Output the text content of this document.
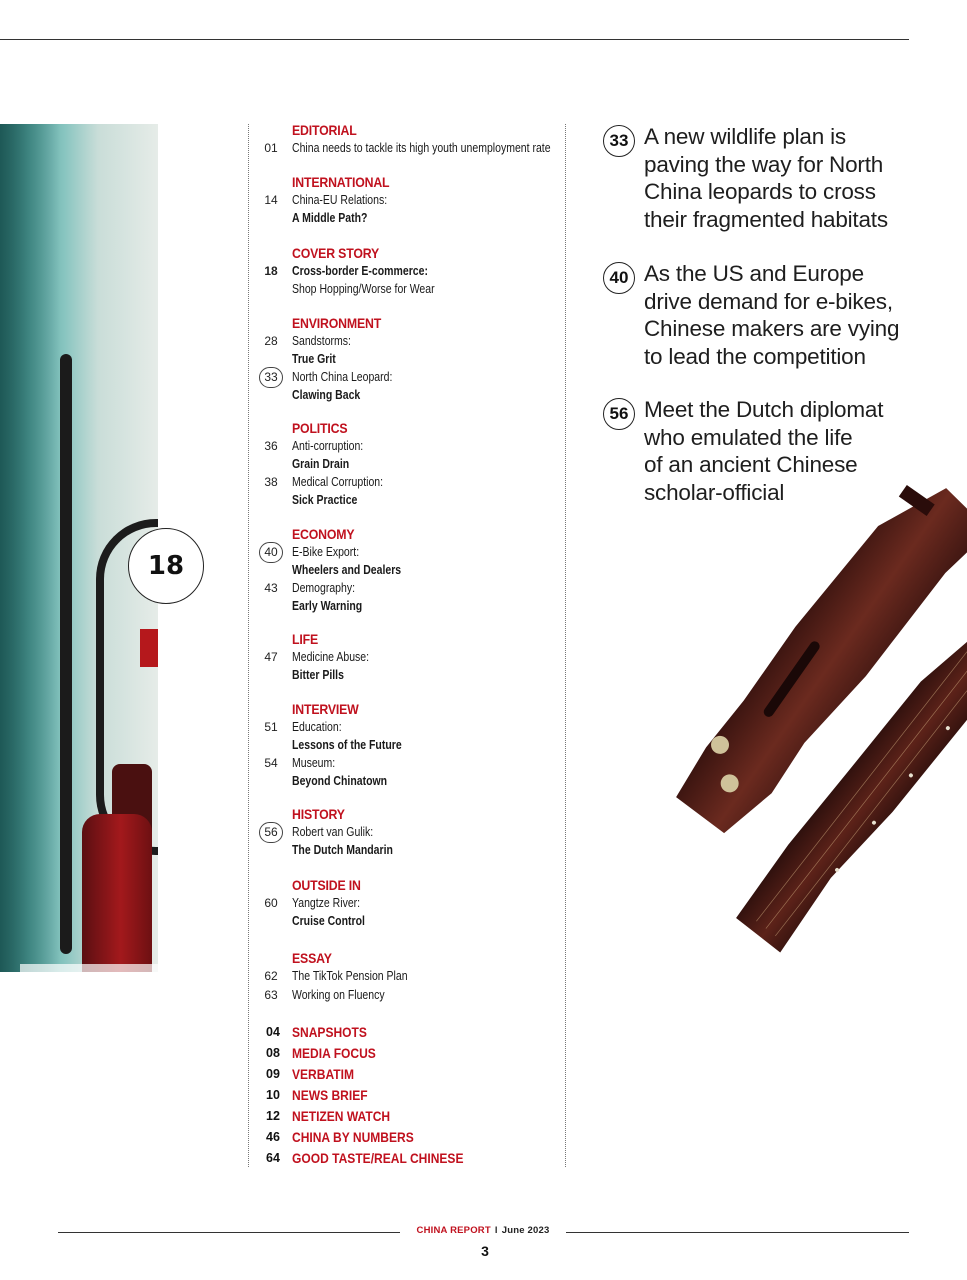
18
EDITORIAL
01	China needs to tackle its high youth unemployment rate
INTERNATIONAL
14	China-EU Relations:
A Middle Path?
COVER STORY
18	Cross-border E-commerce:
Shop Hopping/Worse for Wear
ENVIRONMENT
28	Sandstorms:
True Grit
33	North China Leopard:
Clawing Back
POLITICS
36	Anti-corruption:
Grain Drain
38	Medical Corruption:
Sick Practice
ECONOMY
40	E-Bike Export:
Wheelers and Dealers
43	Demography:
Early Warning
LIFE
47	Medicine Abuse:
Bitter Pills
INTERVIEW
51	Education:
Lessons of the Future
54	Museum:
Beyond Chinatown
HISTORY
56	Robert van Gulik:
The Dutch Mandarin
OUTSIDE IN
60	Yangtze River:
Cruise Control
ESSAY
62	The TikTok Pension Plan
63	Working on Fluency
04 SNAPSHOTS
08 MEDIA FOCUS
09 VERBATIM
10 NEWS BRIEF
12 NETIZEN WATCH
46 CHINA BY NUMBERS
64 GOOD TASTE/REAL CHINESE
33 A new wildlife plan is
paving the way for North
China leopards to cross
their fragmented habitats
40 As the US and Europe
drive demand for e-bikes,
Chinese makers are vying
to lead the competition
56 Meet the Dutch diplomat
who emulated the life
of an ancient Chinese
scholar-official
CHINA REPORT I June 2023
3
